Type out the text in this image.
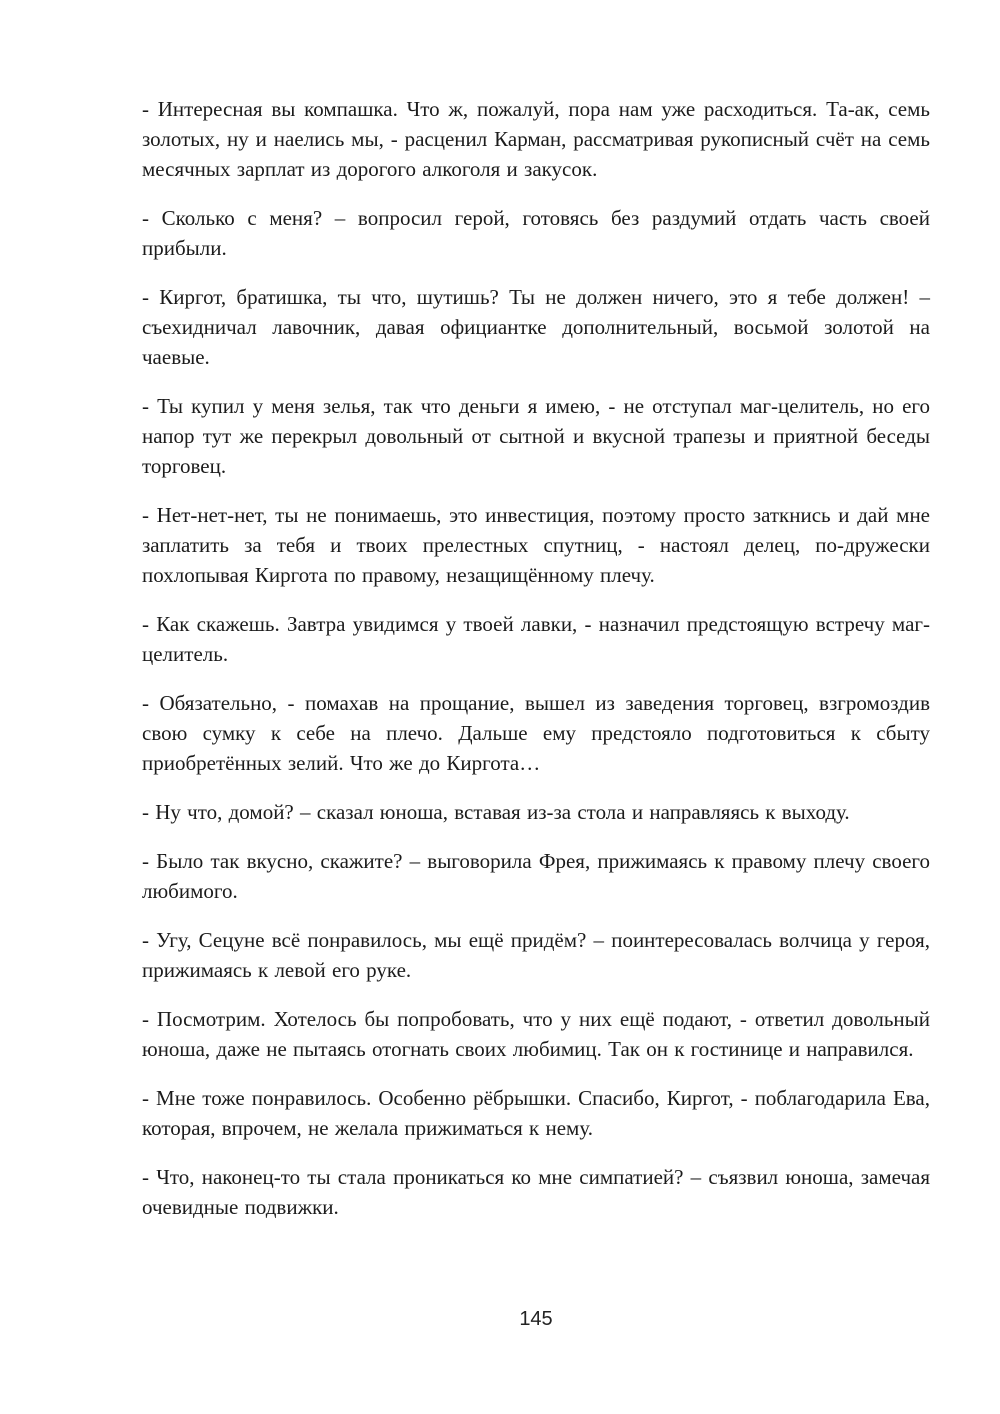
- Интересная вы компашка. Что ж, пожалуй, пора нам уже расходиться. Та-ак, семь золотых, ну и наелись мы, - расценил Карман, рассматривая рукописный счёт на семь месячных зарплат из дорогого алкоголя и закусок.

- Сколько с меня? – вопросил герой, готовясь без раздумий отдать часть своей прибыли.

- Киргот, братишка, ты что, шутишь? Ты не должен ничего, это я тебе должен! – съехидничал лавочник, давая официантке дополнительный, восьмой золотой на чаевые.

- Ты купил у меня зелья, так что деньги я имею, - не отступал маг-целитель, но его напор тут же перекрыл довольный от сытной и вкусной трапезы и приятной беседы торговец.

- Нет-нет-нет, ты не понимаешь, это инвестиция, поэтому просто заткнись и дай мне заплатить за тебя и твоих прелестных спутниц, - настоял делец, по-дружески похлопывая Киргота по правому, незащищённому плечу.

- Как скажешь. Завтра увидимся у твоей лавки, - назначил предстоящую встречу маг-целитель.

- Обязательно, - помахав на прощание, вышел из заведения торговец, взгромоздив свою сумку к себе на плечо. Дальше ему предстояло подготовиться к сбыту приобретённых зелий. Что же до Киргота…

- Ну что, домой? – сказал юноша, вставая из-за стола и направляясь к выходу.

- Было так вкусно, скажите? – выговорила Фрея, прижимаясь к правому плечу своего любимого.

- Угу, Сецуне всё понравилось, мы ещё придём? – поинтересовалась волчица у героя, прижимаясь к левой его руке.

- Посмотрим. Хотелось бы попробовать, что у них ещё подают, - ответил довольный юноша, даже не пытаясь отогнать своих любимиц. Так он к гостинице и направился.

- Мне тоже понравилось. Особенно рёбрышки. Спасибо, Киргот, - поблагодарила Ева, которая, впрочем, не желала прижиматься к нему.

- Что, наконец-то ты стала проникаться ко мне симпатией? – съязвил юноша, замечая очевидные подвижки.

145
